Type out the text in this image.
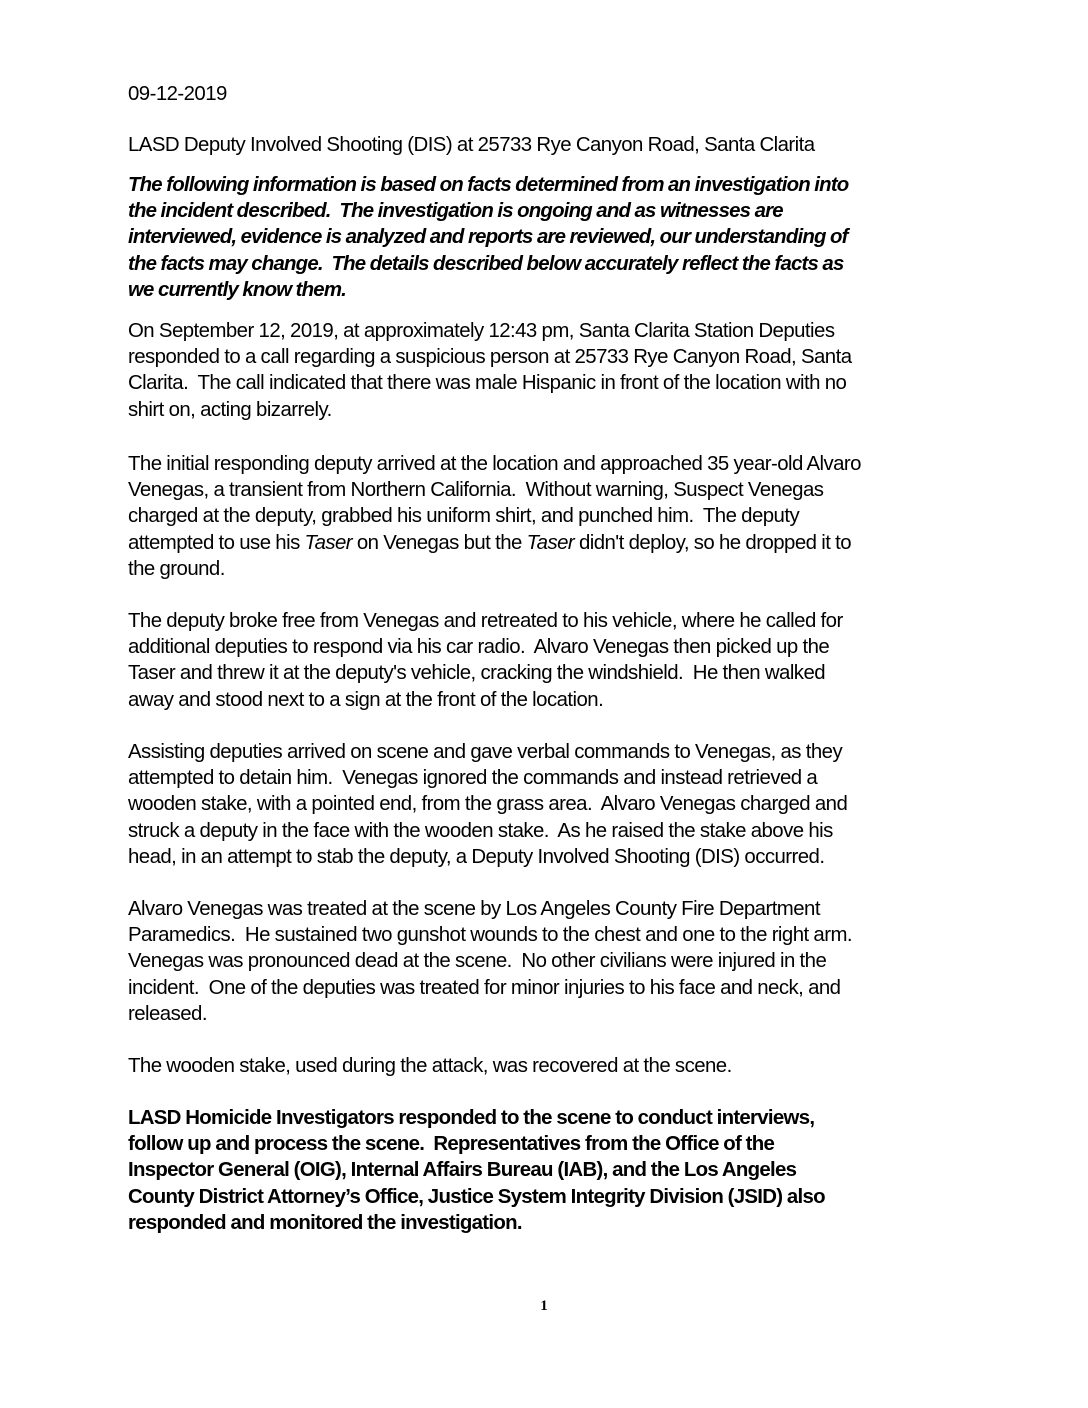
09-12-2019
LASD Deputy Involved Shooting (DIS) at 25733 Rye Canyon Road, Santa Clarita
The following information is based on facts determined from an investigation into
the incident described.  The investigation is ongoing and as witnesses are
interviewed, evidence is analyzed and reports are reviewed, our understanding of
the facts may change.  The details described below accurately reflect the facts as
we currently know them.
On September 12, 2019, at approximately 12:43 pm, Santa Clarita Station Deputies
responded to a call regarding a suspicious person at 25733 Rye Canyon Road, Santa
Clarita.  The call indicated that there was male Hispanic in front of the location with no
shirt on, acting bizarrely.
The initial responding deputy arrived at the location and approached 35 year-old Alvaro
Venegas, a transient from Northern California.  Without warning, Suspect Venegas
charged at the deputy, grabbed his uniform shirt, and punched him.  The deputy
attempted to use his Taser on Venegas but the Taser didn't deploy, so he dropped it to
the ground.
The deputy broke free from Venegas and retreated to his vehicle, where he called for
additional deputies to respond via his car radio.  Alvaro Venegas then picked up the
Taser and threw it at the deputy's vehicle, cracking the windshield.  He then walked
away and stood next to a sign at the front of the location.
Assisting deputies arrived on scene and gave verbal commands to Venegas, as they
attempted to detain him.  Venegas ignored the commands and instead retrieved a
wooden stake, with a pointed end, from the grass area.  Alvaro Venegas charged and
struck a deputy in the face with the wooden stake.  As he raised the stake above his
head, in an attempt to stab the deputy, a Deputy Involved Shooting (DIS) occurred.
Alvaro Venegas was treated at the scene by Los Angeles County Fire Department
Paramedics.  He sustained two gunshot wounds to the chest and one to the right arm.
Venegas was pronounced dead at the scene.  No other civilians were injured in the
incident.  One of the deputies was treated for minor injuries to his face and neck, and
released.
The wooden stake, used during the attack, was recovered at the scene.
LASD Homicide Investigators responded to the scene to conduct interviews,
follow up and process the scene.  Representatives from the Office of the
Inspector General (OIG), Internal Affairs Bureau (IAB), and the Los Angeles
County District Attorney’s Office, Justice System Integrity Division (JSID) also
responded and monitored the investigation.
1
